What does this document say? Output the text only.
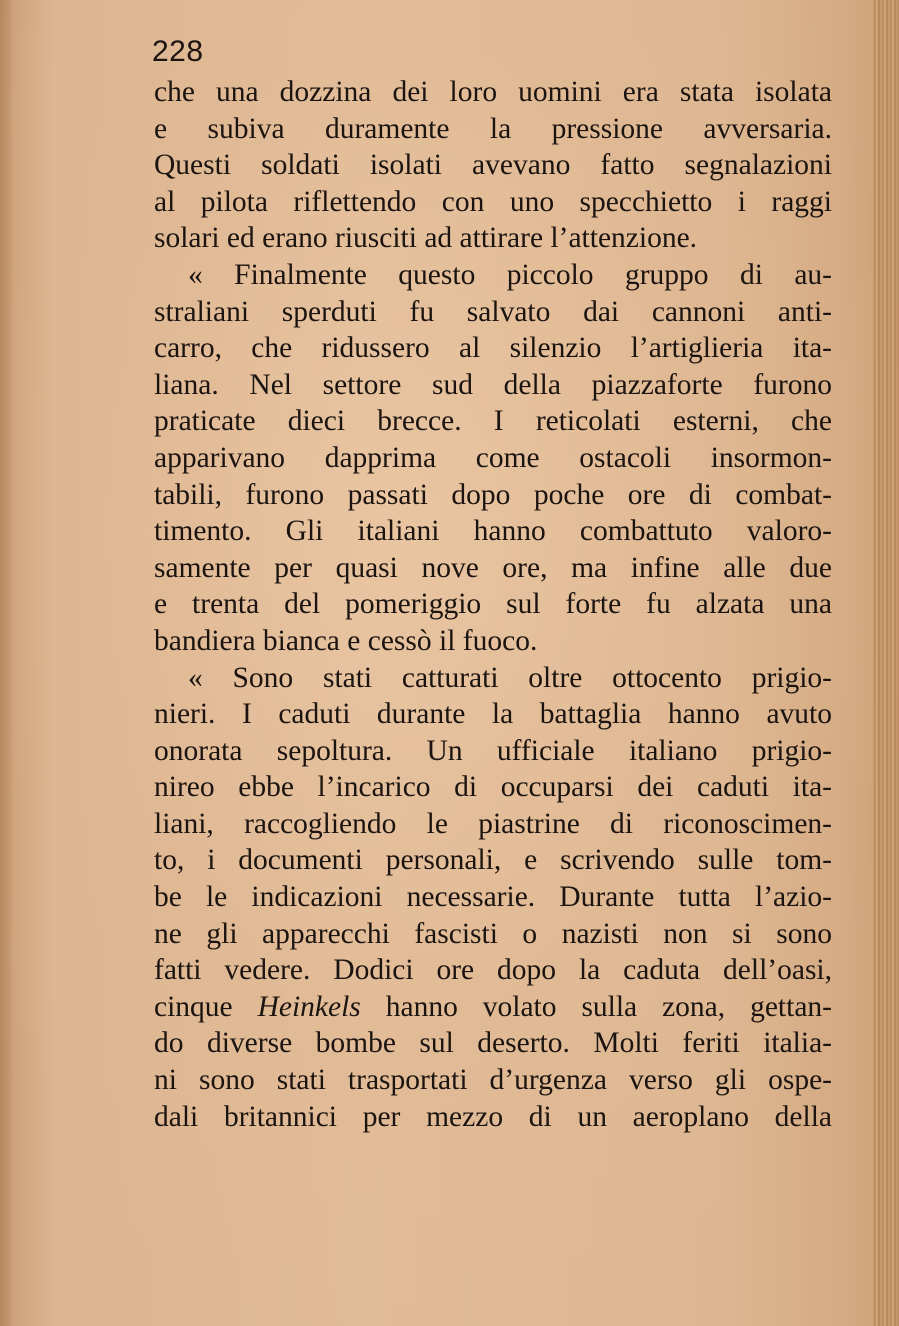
228
che una dozzina dei loro uomini era stata isolata
e subiva duramente la pressione avversaria.
Questi soldati isolati avevano fatto segnalazioni
al pilota riflettendo con uno specchietto i raggi
solari ed erano riusciti ad attirare l’attenzione.
« Finalmente questo piccolo gruppo di au-
straliani sperduti fu salvato dai cannoni anti-
carro, che ridussero al silenzio l’artiglieria ita-
liana. Nel settore sud della piazzaforte furono
praticate dieci brecce. I reticolati esterni, che
apparivano dapprima come ostacoli insormon-
tabili, furono passati dopo poche ore di combat-
timento. Gli italiani hanno combattuto valoro-
samente per quasi nove ore, ma infine alle due
e trenta del pomeriggio sul forte fu alzata una
bandiera bianca e cessò il fuoco.
« Sono stati catturati oltre ottocento prigio-
nieri. I caduti durante la battaglia hanno avuto
onorata sepoltura. Un ufficiale italiano prigio-
nireo ebbe l’incarico di occuparsi dei caduti ita-
liani, raccogliendo le piastrine di riconoscimen-
to, i documenti personali, e scrivendo sulle tom-
be le indicazioni necessarie. Durante tutta l’azio-
ne gli apparecchi fascisti o nazisti non si sono
fatti vedere. Dodici ore dopo la caduta dell’oasi,
cinque Heinkels hanno volato sulla zona, gettan-
do diverse bombe sul deserto. Molti feriti italia-
ni sono stati trasportati d’urgenza verso gli ospe-
dali britannici per mezzo di un aeroplano della
